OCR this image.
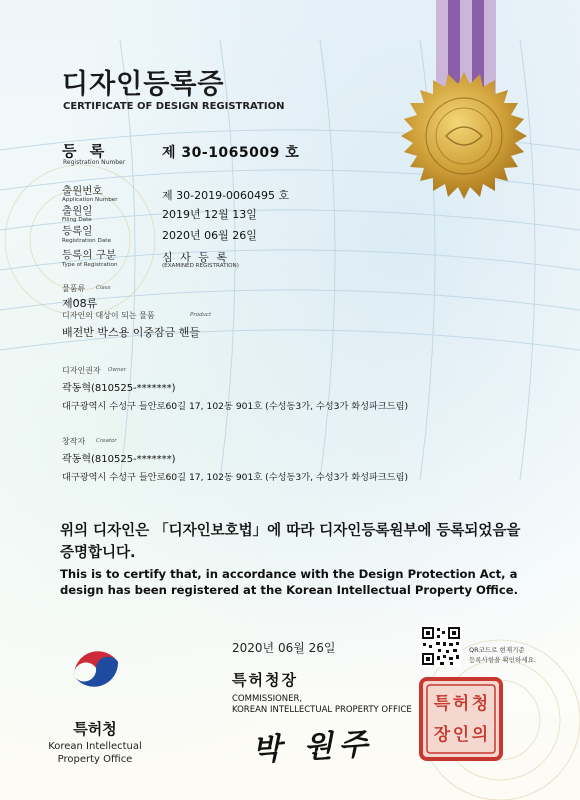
디자인등록증
CERTIFICATE OF DESIGN REGISTRATION
등 록
Registration Number
제 30-1065009 호
출원번호
Application Number	제 30-2019-0060495 호
출원일
Filing Date	2019년 12월 13일
등록일
Registration Date	2020년 06월 26일
등록의 구분
Type of Registration
심 사 등 록
(EXAMINED REGISTRATION)
물품류 Class
제08류
디자인의 대상이 되는 물품	Product
배전반 박스용 이중잠금 핸들
디자인권자 Owner
곽동혁(810525-*******)
대구광역시 수성구 들안로60길 17, 102동 901호 (수성동3가, 수성3가 화성파크드림)
창작자 Creator
곽동혁(810525-*******)
대구광역시 수성구 들안로60길 17, 102동 901호 (수성동3가, 수성3가 화성파크드림)
위의 디자인은 「디자인보호법」에 따라 디자인등록원부에 등록되었음을 증명합니다.
This is to certify that, in accordance with the Design Protection Act, a design has been registered at the Korean Intellectual Property Office.
2020년 06월 26일
특허청장
COMMISSIONER,
KOREAN INTELLECTUAL PROPERTY OFFICE
박 원주
특 허 청
장 인 의
QR코드로 현재기준
등록사항을 확인하세요.
특허청
Korean Intellectual
Property Office
